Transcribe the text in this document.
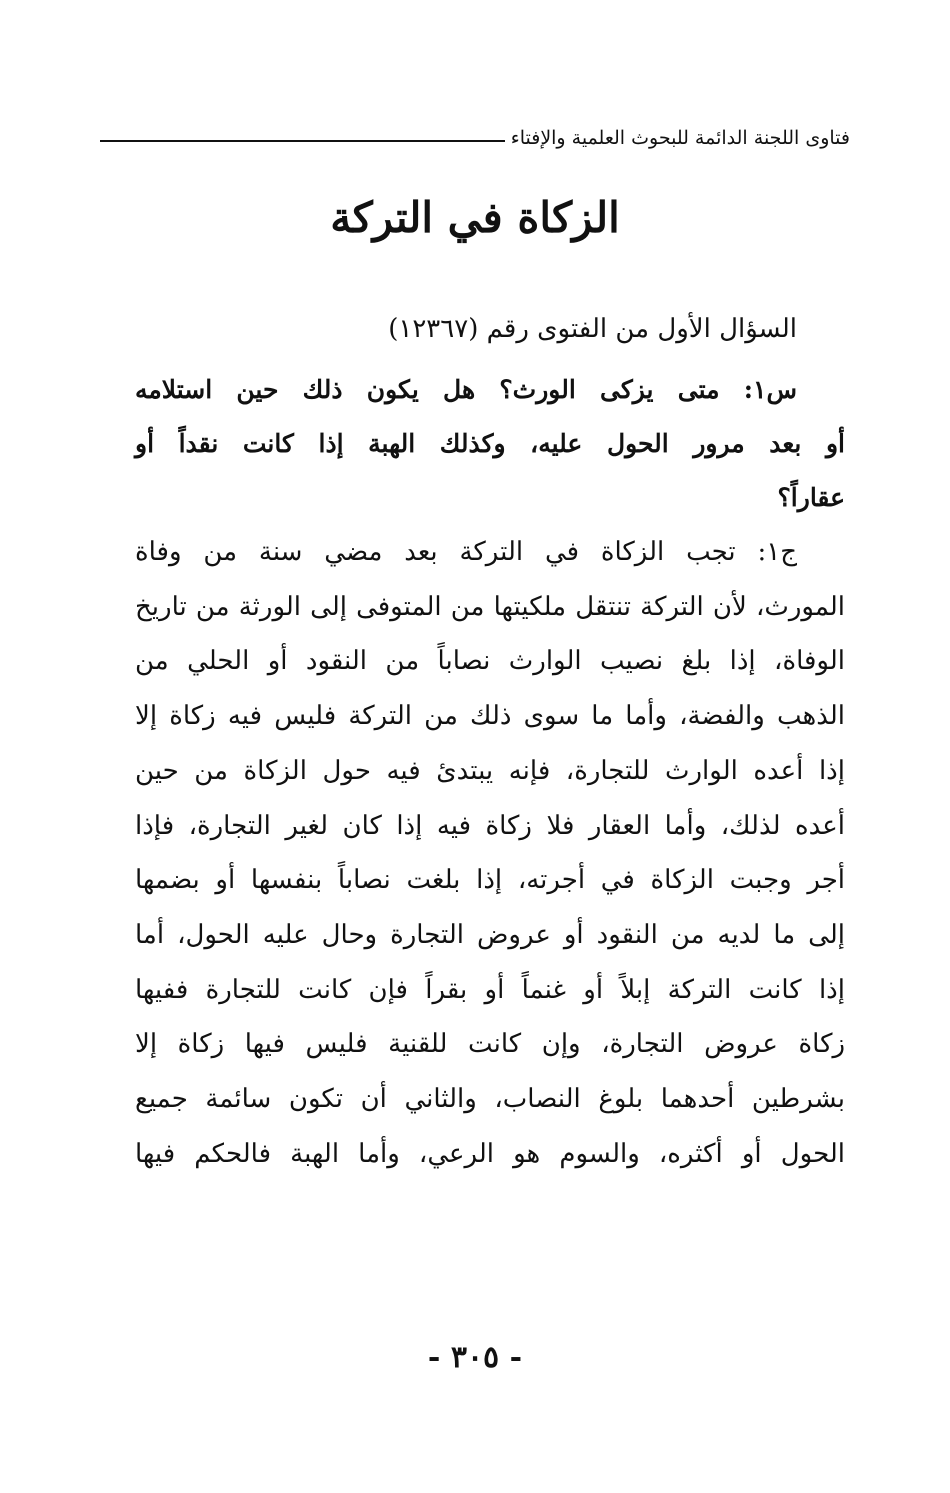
فتاوى اللجنة الدائمة للبحوث العلمية والإفتاء
الزكاة في التركة

السؤال الأول من الفتوى رقم (١٢٣٦٧)

س١: متى يزكى الورث؟ هل يكون ذلك حين استلامه
أو بعد مرور الحول عليه، وكذلك الهبة إذا كانت نقداً أو
عقاراً؟
ج١: تجب الزكاة في التركة بعد مضي سنة من وفاة
المورث، لأن التركة تنتقل ملكيتها من المتوفى إلى الورثة من تاريخ
الوفاة، إذا بلغ نصيب الوارث نصاباً من النقود أو الحلي من
الذهب والفضة، وأما ما سوى ذلك من التركة فليس فيه زكاة إلا
إذا أعده الوارث للتجارة، فإنه يبتدئ فيه حول الزكاة من حين
أعده لذلك، وأما العقار فلا زكاة فيه إذا كان لغير التجارة، فإذا
أجر وجبت الزكاة في أجرته، إذا بلغت نصاباً بنفسها أو بضمها
إلى ما لديه من النقود أو عروض التجارة وحال عليه الحول، أما
إذا كانت التركة إبلاً أو غنماً أو بقراً فإن كانت للتجارة ففيها
زكاة عروض التجارة، وإن كانت للقنية فليس فيها زكاة إلا
بشرطين أحدهما بلوغ النصاب، والثاني أن تكون سائمة جميع
الحول أو أكثره، والسوم هو الرعي، وأما الهبة فالحكم فيها
- ٣٠٥ -
